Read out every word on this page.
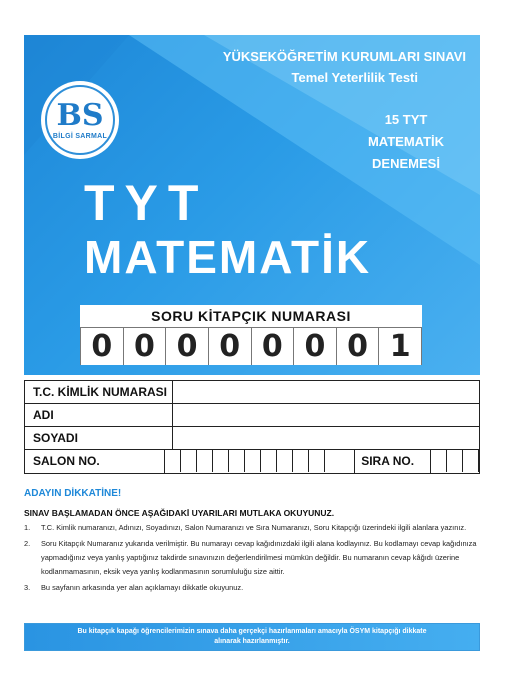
BS
BİLGİ SARMAL
YÜKSEKÖĞRETİM KURUMLARI SINAVI
Temel Yeterlilik Testi
15 TYT
MATEMATİK
DENEMESİ
TYT
MATEMATİK
SORU KİTAPÇIK NUMARASI
0 0 0 0 0 0 0 1
T.C. KİMLİK NUMARASI
ADI
SOYADI
SALON NO.	SIRA NO.
ADAYIN DİKKATİNE!
SINAV BAŞLAMADAN ÖNCE AŞAĞIDAKİ UYARILARI MUTLAKA OKUYUNUZ.
1.	T.C. Kimlik numaranızı, Adınızı, Soyadınızı, Salon Numaranızı ve Sıra Numaranızı, Soru Kitapçığı üzerindeki ilgili alanlara yazınız.
2.	Soru Kitapçık Numaranız yukarıda verilmiştir. Bu numarayı cevap kağıdınızdaki ilgili alana kodlayınız. Bu kodlamayı cevap kağıdınıza yapmadığınız veya yanlış yaptığınız takdirde sınavınızın değerlendirilmesi mümkün değildir. Bu numaranın cevap kâğıdı üzerine kodlanmamasının, eksik veya yanlış kodlanmasının sorumluluğu size aittir.
3.	Bu sayfanın arkasında yer alan açıklamayı dikkatle okuyunuz.
Bu kitapçık kapağı öğrencilerimizin sınava daha gerçekçi hazırlanmaları amacıyla ÖSYM kitapçığı dikkate alınarak hazırlanmıştır.
